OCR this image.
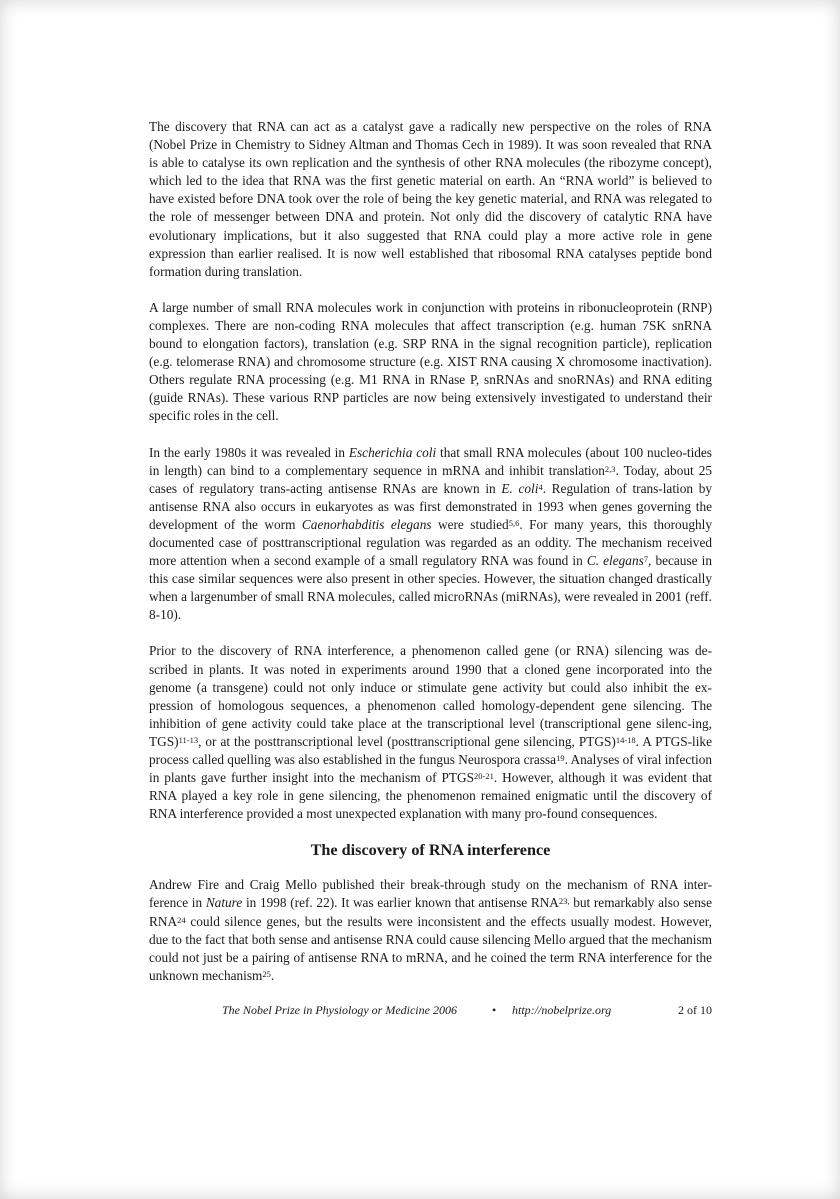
The discovery that RNA can act as a catalyst gave a radically new perspective on the roles of RNA (Nobel Prize in Chemistry to Sidney Altman and Thomas Cech in 1989). It was soon revealed that RNA is able to catalyse its own replication and the synthesis of other RNA molecules (the ribozyme concept), which led to the idea that RNA was the first genetic material on earth. An “RNA world” is believed to have existed before DNA took over the role of being the key genetic material, and RNA was relegated to the role of messenger between DNA and protein. Not only did the discovery of catalytic RNA have evolutionary implications, but it also suggested that RNA could play a more active role in gene expression than earlier realised. It is now well established that ribosomal RNA catalyses peptide bond formation during translation.

A large number of small RNA molecules work in conjunction with proteins in ribonucleoprotein (RNP) complexes. There are non-coding RNA molecules that affect transcription (e.g. human 7SK snRNA bound to elongation factors), translation (e.g. SRP RNA in the signal recognition particle), replication (e.g. telomerase RNA) and chromosome structure (e.g. XIST RNA causing X chromosome inactivation). Others regulate RNA processing (e.g. M1 RNA in RNase P, snRNAs and snoRNAs) and RNA editing (guide RNAs). These various RNP particles are now being extensively investigated to understand their specific roles in the cell.

In the early 1980s it was revealed in Escherichia coli that small RNA molecules (about 100 nucleo-tides in length) can bind to a complementary sequence in mRNA and inhibit translation$^{2,3}$. Today, about 25 cases of regulatory trans-acting antisense RNAs are known in E. coli$^4$. Regulation of trans-lation by antisense RNA also occurs in eukaryotes as was first demonstrated in 1993 when genes governing the development of the worm Caenorhabditis elegans were studied$^{5,6}$. For many years, this thoroughly documented case of posttranscriptional regulation was regarded as an oddity. The mechanism received more attention when a second example of a small regulatory RNA was found in C. elegans$^7$, because in this case similar sequences were also present in other species. However, the situation changed drastically when a largenumber of small RNA molecules, called microRNAs (miRNAs), were revealed in 2001 (reff. 8-10).

Prior to the discovery of RNA interference, a phenomenon called gene (or RNA) silencing was de-scribed in plants. It was noted in experiments around 1990 that a cloned gene incorporated into the genome (a transgene) could not only induce or stimulate gene activity but could also inhibit the ex-pression of homologous sequences, a phenomenon called homology-dependent gene silencing. The inhibition of gene activity could take place at the transcriptional level (transcriptional gene silenc-ing, TGS)$^{11-13}$, or at the posttranscriptional level (posttranscriptional gene silencing, PTGS)$^{14-18}$. A PTGS-like process called quelling was also established in the fungus Neurospora crassa$^{19}$. Analyses of viral infection in plants gave further insight into the mechanism of PTGS$^{20-21}$. However, although it was evident that RNA played a key role in gene silencing, the phenomenon remained enigmatic until the discovery of RNA interference provided a most unexpected explanation with many pro-found consequences.

The discovery of RNA interference

Andrew Fire and Craig Mello published their break-through study on the mechanism of RNA inter-ference in Nature in 1998 (ref. 22). It was earlier known that antisense $RNA^{23,}$ but remarkably also sense RNA$^{24}$ could silence genes, but the results were inconsistent and the effects usually modest. However, due to the fact that both sense and antisense RNA could cause silencing Mello argued that the mechanism could not just be a pairing of antisense RNA to mRNA, and he coined the term RNA interference for the unknown mechanism$^{25}$.

The Nobel Prize in Physiology or Medicine 2006	• http://nobelprize.org	2 of 10
